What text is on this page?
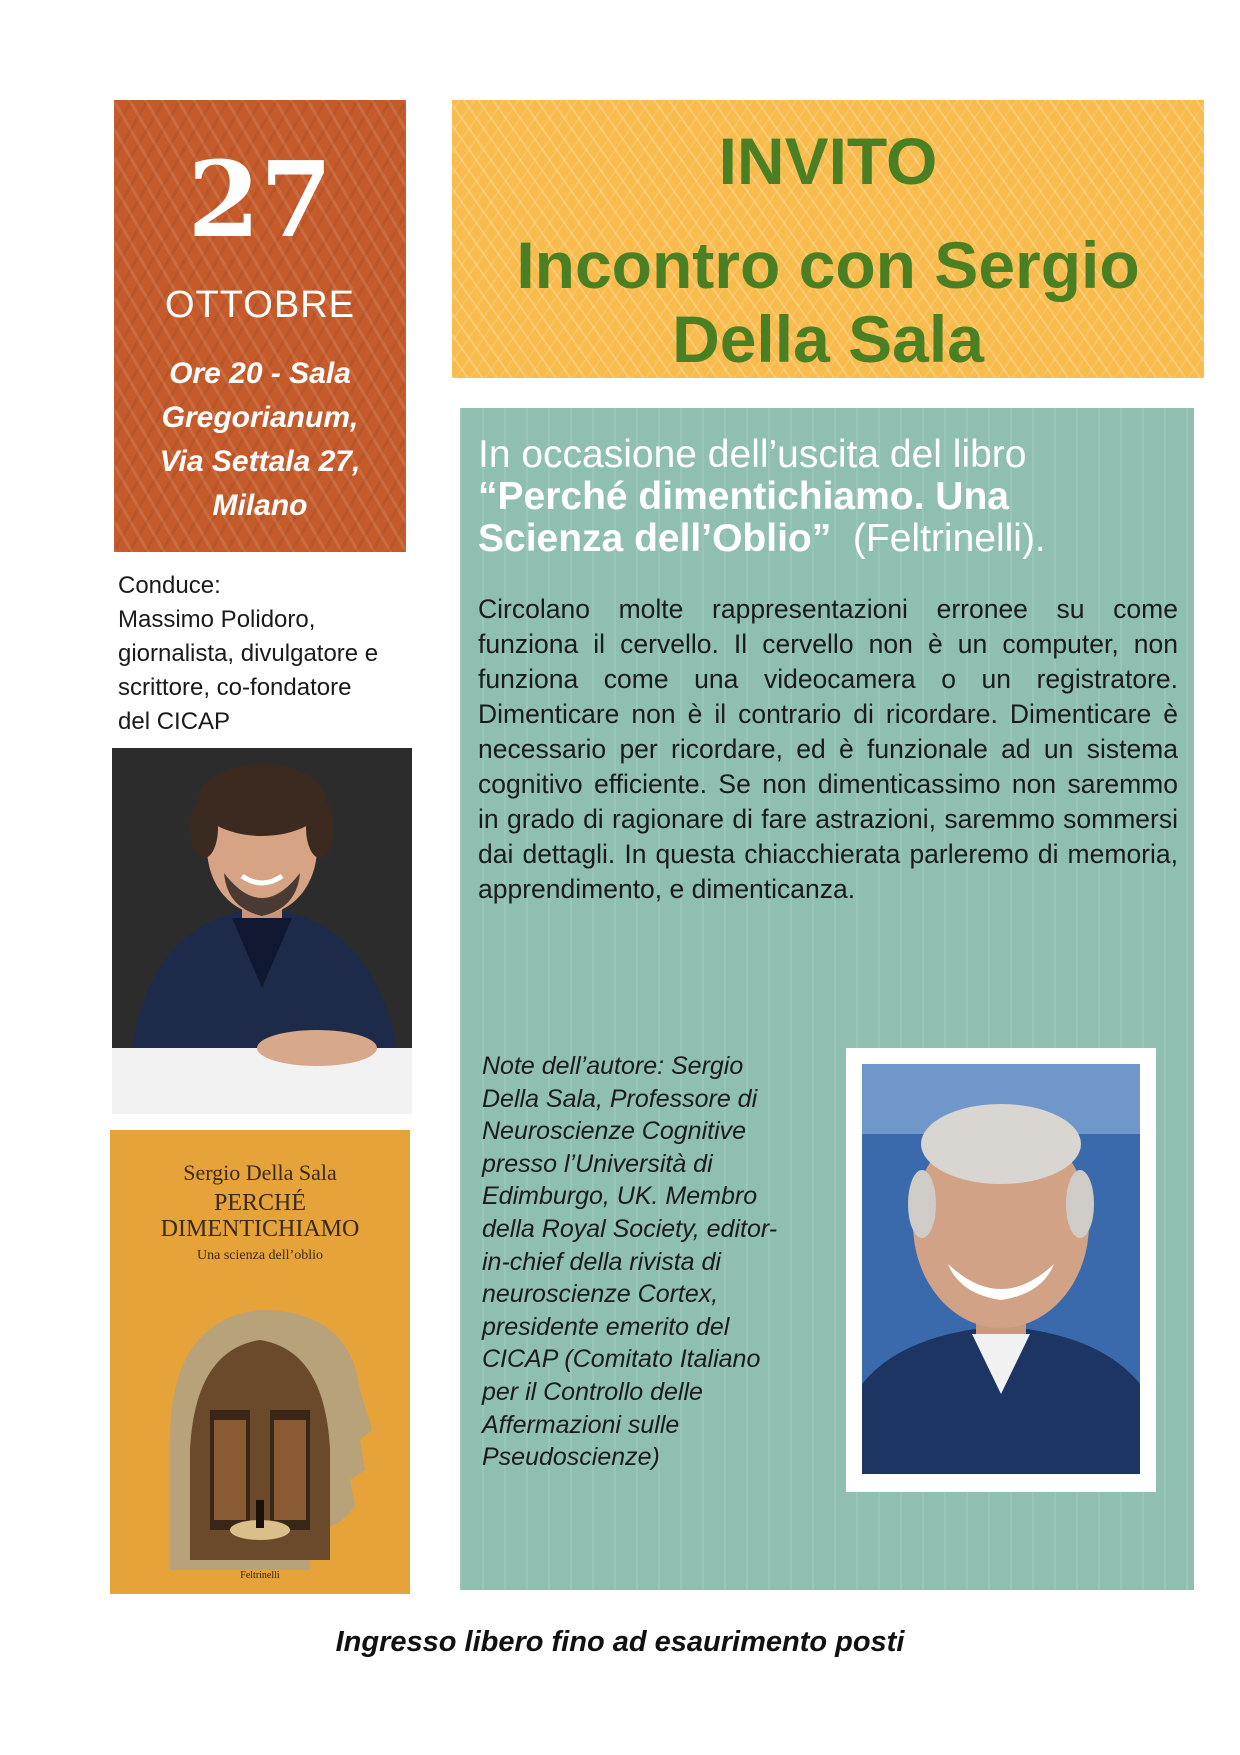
27
OTTOBRE
Ore 20 - Sala
Gregorianum,
Via Settala 27,
Milano
INVITO
Incontro con Sergio
Della Sala
Conduce:
Massimo Polidoro,
giornalista, divulgatore e
scrittore, co-fondatore
del CICAP
Sergio Della Sala
PERCHÉ
DIMENTICHIAMO
Una scienza dell’oblio
Feltrinelli
In occasione dell’uscita del libro
“Perché dimentichiamo. Una
Scienza dell’Oblio”  (Feltrinelli).
Circolano molte rappresentazioni erronee su come funziona il cervello. Il cervello non è un computer, non funziona come una videocamera o un registratore. Dimenticare non è il contrario di ricordare. Dimenticare è necessario per ricordare, ed è funzionale ad un sistema cognitivo efficiente. Se non dimenticassimo non saremmo in grado di ragionare di fare astrazioni, saremmo sommersi dai dettagli. In questa chiacchierata parleremo di memoria, apprendimento, e dimenticanza.
Note dell’autore: Sergio Della Sala, Professore di Neuroscienze Cognitive presso l’Università di Edimburgo, UK. Membro della Royal Society, editor-in-chief della rivista di neuroscienze Cortex, presidente emerito del CICAP (Comitato Italiano per il Controllo delle Affermazioni sulle Pseudoscienze)
Ingresso libero fino ad esaurimento posti
